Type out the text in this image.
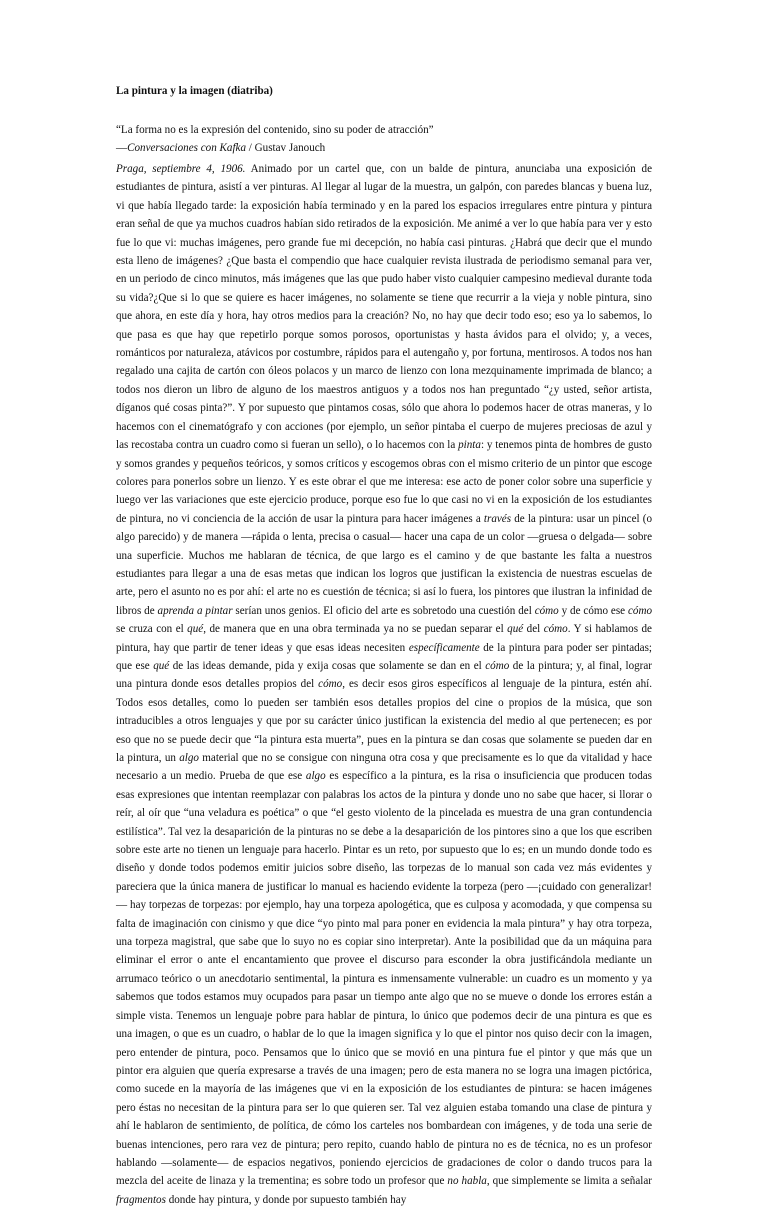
La pintura y la imagen (diatriba)

“La forma no es la expresión del contenido, sino su poder de atracción”
—Conversaciones con Kafka / Gustav Janouch

Praga, septiembre 4, 1906. Animado por un cartel que, con un balde de pintura, anunciaba una exposición de estudiantes de pintura, asistí a ver pinturas. Al llegar al lugar de la muestra, un galpón, con paredes blancas y buena luz, vi que había llegado tarde: la exposición había terminado y en la pared los espacios irregulares entre pintura y pintura eran señal de que ya muchos cuadros habían sido retirados de la exposición. Me animé a ver lo que había para ver y esto fue lo que vi: muchas imágenes, pero grande fue mi decepción, no había casi pinturas. ¿Habrá que decir que el mundo esta lleno de imágenes? ¿Que basta el compendio que hace cualquier revista ilustrada de periodismo semanal para ver, en un periodo de cinco minutos, más imágenes que las que pudo haber visto cualquier campesino medieval durante toda su vida?¿Que si lo que se quiere es hacer imágenes, no solamente se tiene que recurrir a la vieja y noble pintura, sino que ahora, en este día y hora, hay otros medios para la creación? No, no hay que decir todo eso; eso ya lo sabemos, lo que pasa es que hay que repetirlo porque somos porosos, oportunistas y hasta ávidos para el olvido; y, a veces, románticos por naturaleza, atávicos por costumbre, rápidos para el autengaño y, por fortuna, mentirosos. A todos nos han regalado una cajita de cartón con óleos polacos y un marco de lienzo con lona mezquinamente imprimada de blanco; a todos nos dieron un libro de alguno de los maestros antiguos y a todos nos han preguntado “¿y usted, señor artista, díganos qué cosas pinta?”. Y por supuesto que pintamos cosas, sólo que ahora lo podemos hacer de otras maneras, y lo hacemos con el cinematógrafo y con acciones (por ejemplo, un señor pintaba el cuerpo de mujeres preciosas de azul y las recostaba contra un cuadro como si fueran un sello), o lo hacemos con la pinta: y tenemos pinta de hombres de gusto y somos grandes y pequeños teóricos, y somos críticos y escogemos obras con el mismo criterio de un pintor que escoge colores para ponerlos sobre un lienzo. Y es este obrar el que me interesa: ese acto de poner color sobre una superficie y luego ver las variaciones que este ejercicio produce, porque eso fue lo que casi no vi en la exposición de los estudiantes de pintura, no vi conciencia de la acción de usar la pintura para hacer imágenes a través de la pintura: usar un pincel (o algo parecido) y de manera —rápida o lenta, precisa o casual— hacer una capa de un color —gruesa o delgada— sobre una superficie. Muchos me hablaran de técnica, de que largo es el camino y de que bastante les falta a nuestros estudiantes para llegar a una de esas metas que indican los logros que justifican la existencia de nuestras escuelas de arte, pero el asunto no es por ahí: el arte no es cuestión de técnica; si así lo fuera, los pintores que ilustran la infinidad de libros de aprenda a pintar serían unos genios. El oficio del arte es sobretodo una cuestión del cómo y de cómo ese cómo se cruza con el qué, de manera que en una obra terminada ya no se puedan separar el qué del cómo. Y si hablamos de pintura, hay que partir de tener ideas y que esas ideas necesiten específicamente de la pintura para poder ser pintadas; que ese qué de las ideas demande, pida y exija cosas que solamente se dan en el cómo de la pintura; y, al final, lograr una pintura donde esos detalles propios del cómo, es decir esos giros específicos al lenguaje de la pintura, estén ahí. Todos esos detalles, como lo pueden ser también esos detalles propios del cine o propios de la música, que son intraducibles a otros lenguajes y que por su carácter único justifican la existencia del medio al que pertenecen; es por eso que no se puede decir que “la pintura esta muerta”, pues en la pintura se dan cosas que solamente se pueden dar en la pintura, un algo material que no se consigue con ninguna otra cosa y que precisamente es lo que da vitalidad y hace necesario a un medio. Prueba de que ese algo es específico a la pintura, es la risa o insuficiencia que producen todas esas expresiones que intentan reemplazar con palabras los actos de la pintura y donde uno no sabe que hacer, si llorar o reír, al oír que “una veladura es poética” o que “el gesto violento de la pincelada es muestra de una gran contundencia estilística”. Tal vez la desaparición de la pinturas no se debe a la desaparición de los pintores sino a que los que escriben sobre este arte no tienen un lenguaje para hacerlo. Pintar es un reto, por supuesto que lo es; en un mundo donde todo es diseño y donde todos podemos emitir juicios sobre diseño, las torpezas de lo manual son cada vez más evidentes y pareciera que la única manera de justificar lo manual es haciendo evidente la torpeza (pero —¡cuidado con generalizar!— hay torpezas de torpezas: por ejemplo, hay una torpeza apologética, que es culposa y acomodada, y que compensa su falta de imaginación con cinismo y que dice “yo pinto mal para poner en evidencia la mala pintura” y hay otra torpeza, una torpeza magistral, que sabe que lo suyo no es copiar sino interpretar). Ante la posibilidad que da un máquina para eliminar el error o ante el encantamiento que provee el discurso para esconder la obra justificándola mediante un arrumaco teórico o un anecdotario sentimental, la pintura es inmensamente vulnerable: un cuadro es un momento y ya sabemos que todos estamos muy ocupados para pasar un tiempo ante algo que no se mueve o donde los errores están a simple vista. Tenemos un lenguaje pobre para hablar de pintura, lo único que podemos decir de una pintura es que es una imagen, o que es un cuadro, o hablar de lo que la imagen significa y lo que el pintor nos quiso decir con la imagen, pero entender de pintura, poco. Pensamos que lo único que se movió en una pintura fue el pintor y que más que un pintor era alguien que quería expresarse a través de una imagen; pero de esta manera no se logra una imagen pictórica, como sucede en la mayoría de las imágenes que vi en la exposición de los estudiantes de pintura: se hacen imágenes pero éstas no necesitan de la pintura para ser lo que quieren ser. Tal vez alguien estaba tomando una clase de pintura y ahí le hablaron de sentimiento, de política, de cómo los carteles nos bombardean con imágenes, y de toda una serie de buenas intenciones, pero rara vez de pintura; pero repito, cuando hablo de pintura no es de técnica, no es un profesor hablando —solamente— de espacios negativos, poniendo ejercicios de gradaciones de color o dando trucos para la mezcla del aceite de linaza y la trementina; es sobre todo un profesor que no habla, que simplemente se limita a señalar fragmentos donde hay pintura, y donde por supuesto también hay
